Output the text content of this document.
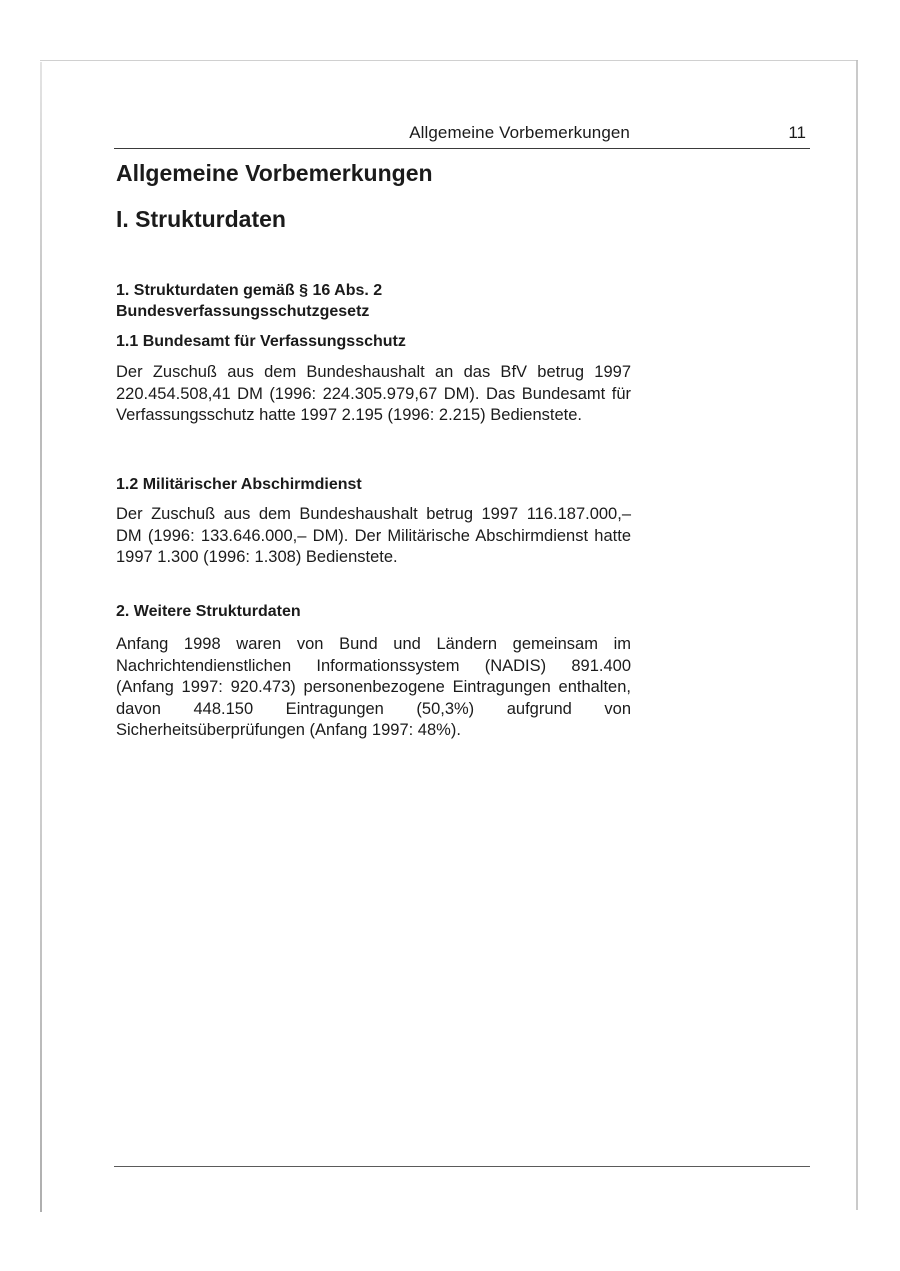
Allgemeine Vorbemerkungen	11
Allgemeine Vorbemerkungen
I. Strukturdaten
1. Strukturdaten gemäß § 16 Abs. 2
Bundesverfassungsschutzgesetz
1.1 Bundesamt für Verfassungsschutz

Der Zuschuß aus dem Bundeshaushalt an das BfV betrug 1997 220.454.508,41 DM (1996: 224.305.979,67 DM). Das Bundesamt für Verfassungsschutz hatte 1997 2.195 (1996: 2.215) Bedienstete.

1.2 Militärischer Abschirmdienst

Der Zuschuß aus dem Bundeshaushalt betrug 1997 116.187.000,– DM (1996: 133.646.000,– DM). Der Militärische Abschirmdienst hatte 1997 1.300 (1996: 1.308) Bedienstete.

2. Weitere Strukturdaten

Anfang 1998 waren von Bund und Ländern gemeinsam im Nachrichtendienstlichen Informationssystem (NADIS) 891.400 (Anfang 1997: 920.473) personenbezogene Eintragungen enthalten, davon 448.150 Eintragungen (50,3%) aufgrund von Sicherheitsüberprüfungen (Anfang 1997: 48%).
